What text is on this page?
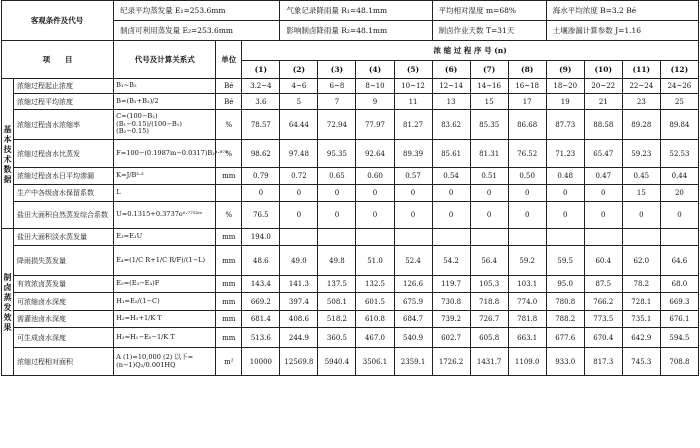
客观条件及代号		纪录平均蒸发量 E₁=253.6mm			气象记录降雨量 R₁=48.1mm				平均相对湿度 m=68%			海水平均浓度 B=3.2 Bé			
		制卤可利用蒸发量 E₂=253.6mm			影响制卤降雨量 R₂=48.1mm				制卤作业天数 T=31天			土壤渗漏计算参数 J=1.16			
项　　目		代号及计算关系式	单位	浓 缩 过 程 序 号 (n)											
				(1)	(2)	(3)	(4)	(5)	(6)	(7)	(8)	(9)	(10)	(11)	(12)
基本技术数据	浓缩过程起止浓度	B₁~B₂	Bé	3.2~4	4~6	6~8	8~10	10~12	12~14	14~16	16~18	18~20	20~22	22~24	24~26
	浓缩过程平均浓度	B=(B₁+B₂)/2	Bé	3.6	5	7	9	11	13	15	17	19	21	23	25
	浓缩过程卤水浓缩率	C=(100−B₂)(B₁−0.15)/(100−B₁)(B₂−0.15)	%	78.57	64.44	72.94	77.97	81.27	83.62	85.35	86.68	87.73	88.58	89.28	89.84
	浓缩过程卤水比蒸发	F=100−(0.1987m−0.0317)B₂¹·⁸⁷⁵	%	98.62	97.48	95.35	92.64	89.39	85.61	81.31	76.52	71.23	65.47	59.23	52.53
	浓缩过程卤水日平均渗漏	K=J/B³·³	mm	0.79	0.72	0.65	0.60	0.57	0.54	0.51	0.50	0.48	0.47	0.45	0.44
	生产中各级卤水保留系数	L		0	0	0	0	0	0	0	0	0	0	15	20
	盐田大面积自然蒸发综合系数	U=0.1315+0.3737e⁰·⁷⁷⁵²ᵐ	%	76.5	0	0	0	0	0	0	0	0	0	0	0
制卤蒸发效果	盐田大面积淡水蒸发量	E₃=E₁U	mm	194.0											
	降雨损失蒸发量	E₄=(1/C R+1/C R/F)/(1−L)	mm	48.6	49.0	49.8	51.0	52.4	54.2	56.4	59.2	59.5	60.4	62.0	64.6
	有效浓卤蒸发量	E₅=(E₃−E₄)F	mm	143.4	141.3	137.5	132.5	126.6	119.7	105.3	103.1	95.0	87.5	78.2	68.0
	可浓缩卤水深度	H₁=E₅/(1−C)	mm	669.2	397.4	508.1	601.5	675.9	730.8	718.8	774.0	780.8	766.2	728.1	669.3
	需灌池卤水深度	H₂=H₁+1/K T	mm	681.4	408.6	518.2	610.8	684.7	739.2	726.7	781.8	788.2	773.5	735.1	676.1
	可生成卤水深度	H₃=H₁−E₅−1/K T	mm	513.6	244.9	360.5	467.0	540.9	602.7	605.8	663.1	677.6	670.4	642.9	594.5
	浓缩过程相对面积	A (1)=10,000 (2) 以下=(n−1)Q₂/0.001HQ	m²	10000	12569.8	5940.4	3506.1	2359.1	1726.2	1431.7	1109.0	933.0	817.3	745.3	708.8
